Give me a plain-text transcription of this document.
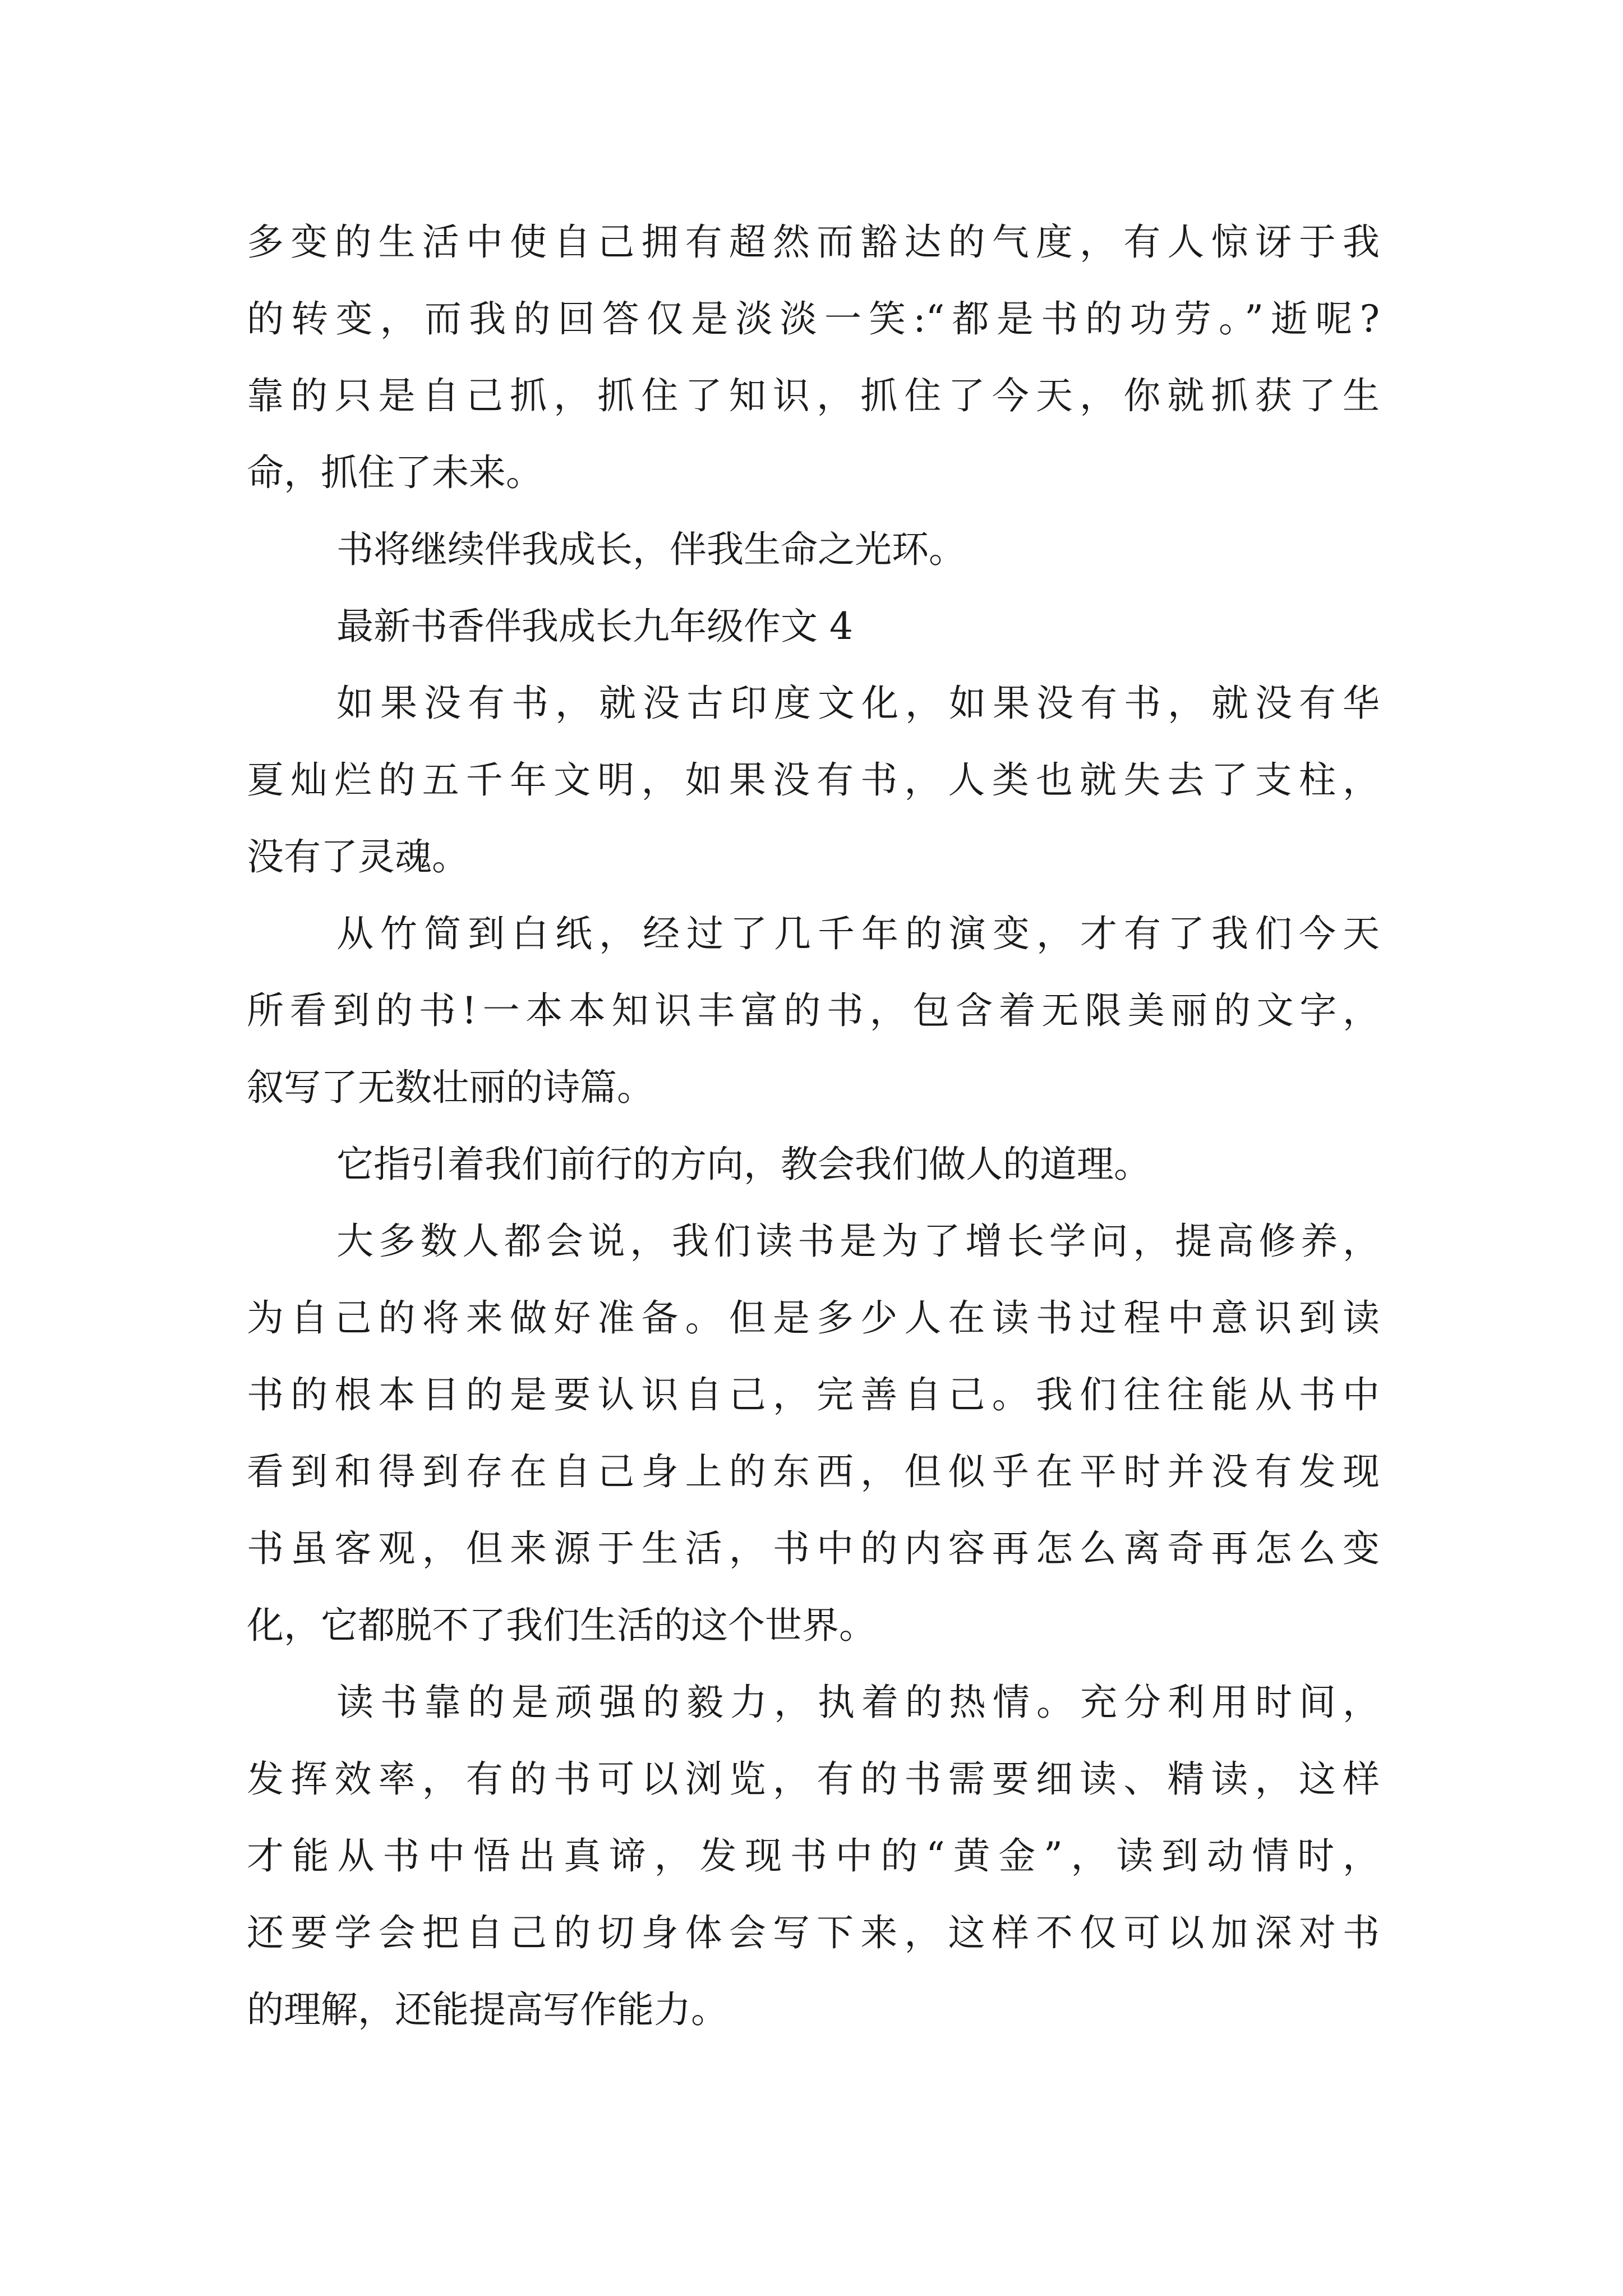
多变的生活中使自己拥有超然而豁达的气度，有人惊讶于我
的转变，而我的回答仅是淡淡一笑:“都是书的功劳。”逝呢?
靠的只是自己抓，抓住了知识，抓住了今天，你就抓获了生
命，抓住了未来。
书将继续伴我成长，伴我生命之光环。
最新书香伴我成长九年级作文 4
如果没有书，就没古印度文化，如果没有书，就没有华
夏灿烂的五千年文明，如果没有书，人类也就失去了支柱，
没有了灵魂。
从竹简到白纸，经过了几千年的演变，才有了我们今天
所看到的书!一本本知识丰富的书，包含着无限美丽的文字，
叙写了无数壮丽的诗篇。
它指引着我们前行的方向，教会我们做人的道理。
大多数人都会说，我们读书是为了增长学问，提高修养，
为自己的将来做好准备。但是多少人在读书过程中意识到读
书的根本目的是要认识自己，完善自己。我们往往能从书中
看到和得到存在自己身上的东西，但似乎在平时并没有发现
书虽客观，但来源于生活，书中的内容再怎么离奇再怎么变
化，它都脱不了我们生活的这个世界。
读书靠的是顽强的毅力，执着的热情。充分利用时间，
发挥效率，有的书可以浏览，有的书需要细读、精读，这样
才能从书中悟出真谛，发现书中的“黄金”，读到动情时，
还要学会把自己的切身体会写下来，这样不仅可以加深对书
的理解，还能提高写作能力。
